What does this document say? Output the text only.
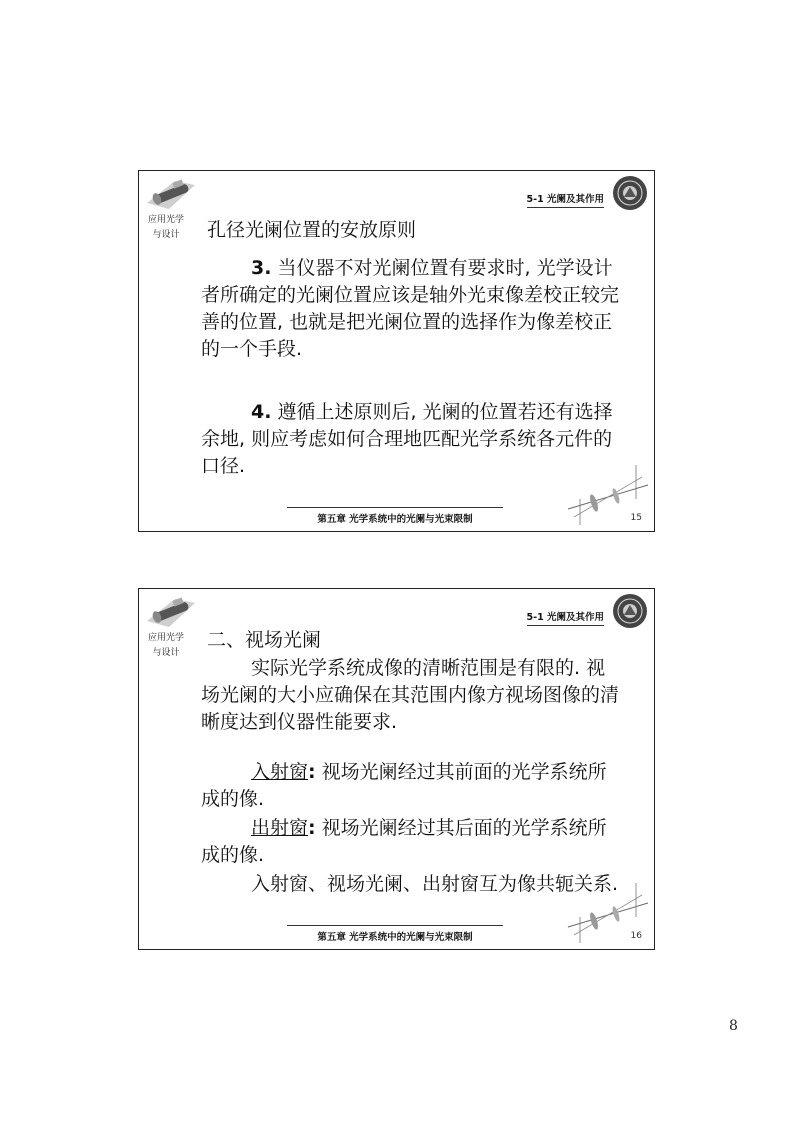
应用光学
与设计
5-1 光阑及其作用
孔径光阑位置的安放原则

3. 当仪器不对光阑位置有要求时, 光学设计者所确定的光阑位置应该是轴外光束像差校正较完善的位置, 也就是把光阑位置的选择作为像差校正的一个手段.

4. 遵循上述原则后, 光阑的位置若还有选择余地, 则应考虑如何合理地匹配光学系统各元件的口径.

第五章 光学系统中的光阑与光束限制	15
应用光学
与设计
5-1 光阑及其作用
二、视场光阑

实际光学系统成像的清晰范围是有限的. 视场光阑的大小应确保在其范围内像方视场图像的清晰度达到仪器性能要求.

入射窗: 视场光阑经过其前面的光学系统所成的像.

出射窗: 视场光阑经过其后面的光学系统所成的像.

入射窗、视场光阑、出射窗互为像共轭关系.

第五章 光学系统中的光阑与光束限制	16
8
